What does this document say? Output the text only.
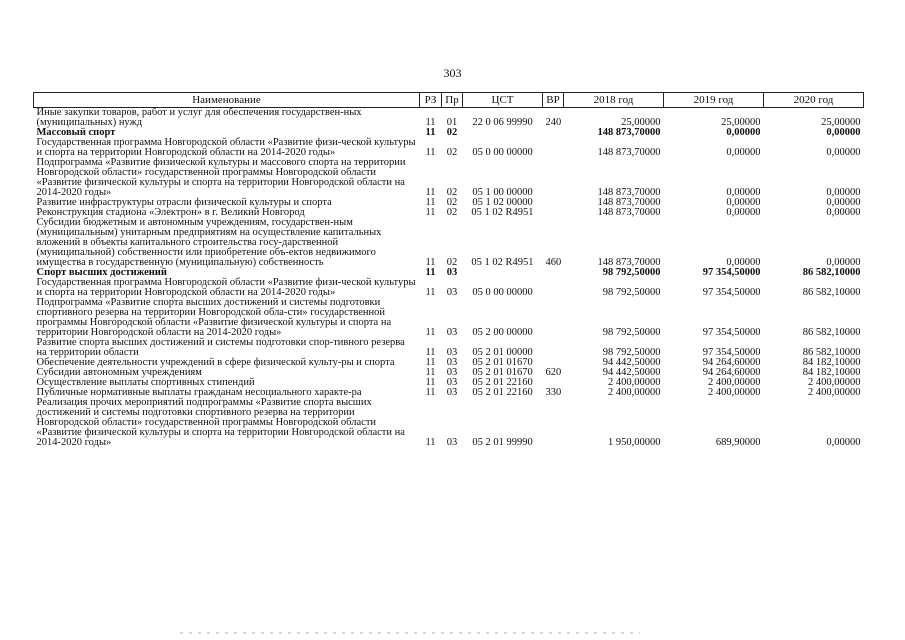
303
Наименование	РЗ	Пр	ЦСТ	ВР	2018 год	2019 год	2020 год
Иные закупки товаров, работ и услуг для обеспечения государствен-ных (муниципальных) нужд	11	01	22 0 06 99990	240	25,00000	25,00000	25,00000
Массовый спорт	11	02			148 873,70000	0,00000	0,00000
Государственная программа Новгородской области «Развитие физи-ческой культуры и спорта на территории Новгородской области на 2014-2020 годы»	11	02	05 0 00 00000		148 873,70000	0,00000	0,00000
Подпрограмма «Развитие физической культуры и массового спорта на территории Новгородской области» государственной программы Новгородской области «Развитие физической культуры и спорта на территории Новгородской области на 2014-2020 годы»	11	02	05 1 00 00000		148 873,70000	0,00000	0,00000
Развитие инфраструктуры отрасли физической культуры и спорта	11	02	05 1 02 00000		148 873,70000	0,00000	0,00000
Реконструкция стадиона «Электрон» в г. Великий Новгород	11	02	05 1 02 R4951		148 873,70000	0,00000	0,00000
Субсидии бюджетным и автономным учреждениям, государствен-ным (муниципальным) унитарным предприятиям на осуществление капитальных вложений в объекты капитального строительства госу-дарственной (муниципальной) собственности или приобретение объ-ектов недвижимого имущества в государственную (муниципальную) собственность	11	02	05 1 02 R4951	460	148 873,70000	0,00000	0,00000
Спорт высших достижений	11	03			98 792,50000	97 354,50000	86 582,10000
Государственная программа Новгородской области «Развитие физи-ческой культуры и спорта на территории Новгородской области на 2014-2020 годы»	11	03	05 0 00 00000		98 792,50000	97 354,50000	86 582,10000
Подпрограмма «Развитие спорта высших достижений и системы подготовки спортивного резерва на территории Новгородской обла-сти» государственной программы Новгородской области «Развитие физической культуры и спорта на территории Новгородской области на 2014-2020 годы»	11	03	05 2 00 00000		98 792,50000	97 354,50000	86 582,10000
Развитие спорта высших достижений и системы подготовки спор-тивного резерва на территории области	11	03	05 2 01 00000		98 792,50000	97 354,50000	86 582,10000
Обеспечение деятельности учреждений в сфере физической культу-ры и спорта	11	03	05 2 01 01670		94 442,50000	94 264,60000	84 182,10000
Субсидии автономным учреждениям	11	03	05 2 01 01670	620	94 442,50000	94 264,60000	84 182,10000
Осуществление выплаты спортивных стипендий	11	03	05 2 01 22160		2 400,00000	2 400,00000	2 400,00000
Публичные нормативные выплаты гражданам несоциального характе-ра	11	03	05 2 01 22160	330	2 400,00000	2 400,00000	2 400,00000
Реализация прочих мероприятий подпрограммы «Развитие спорта высших достижений и системы подготовки спортивного резерва на территории Новгородской области» государственной программы Новгородской области «Развитие физической культуры и спорта на территории Новгородской области на 2014-2020 годы»	11	03	05 2 01 99990		1 950,00000	689,90000	0,00000
